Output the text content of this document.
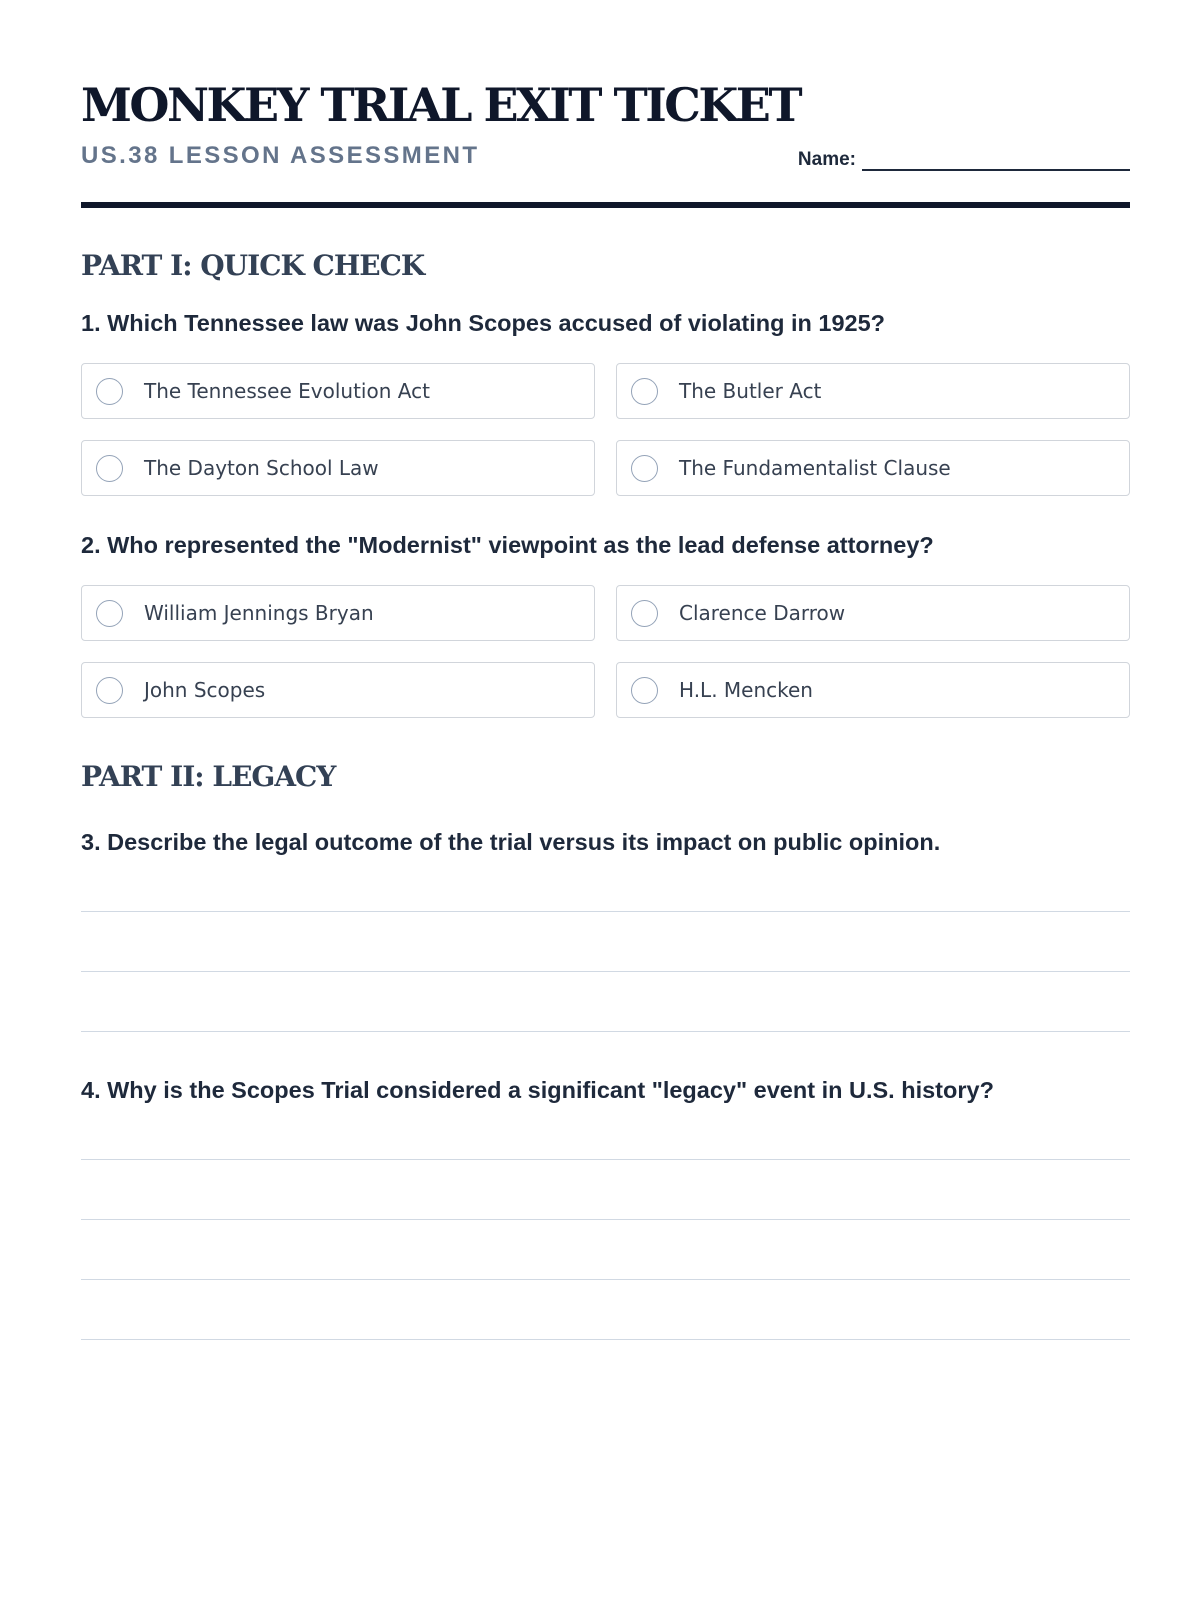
MONKEY TRIAL EXIT TICKET
US.38 LESSON ASSESSMENT	Name:
PART I: QUICK CHECK
1. Which Tennessee law was John Scopes accused of violating in 1925?
The Tennessee Evolution Act	The Butler Act
The Dayton School Law	The Fundamentalist Clause
2. Who represented the "Modernist" viewpoint as the lead defense attorney?
William Jennings Bryan	Clarence Darrow
John Scopes	H.L. Mencken
PART II: LEGACY
3. Describe the legal outcome of the trial versus its impact on public opinion.
4. Why is the Scopes Trial considered a significant "legacy" event in U.S. history?
